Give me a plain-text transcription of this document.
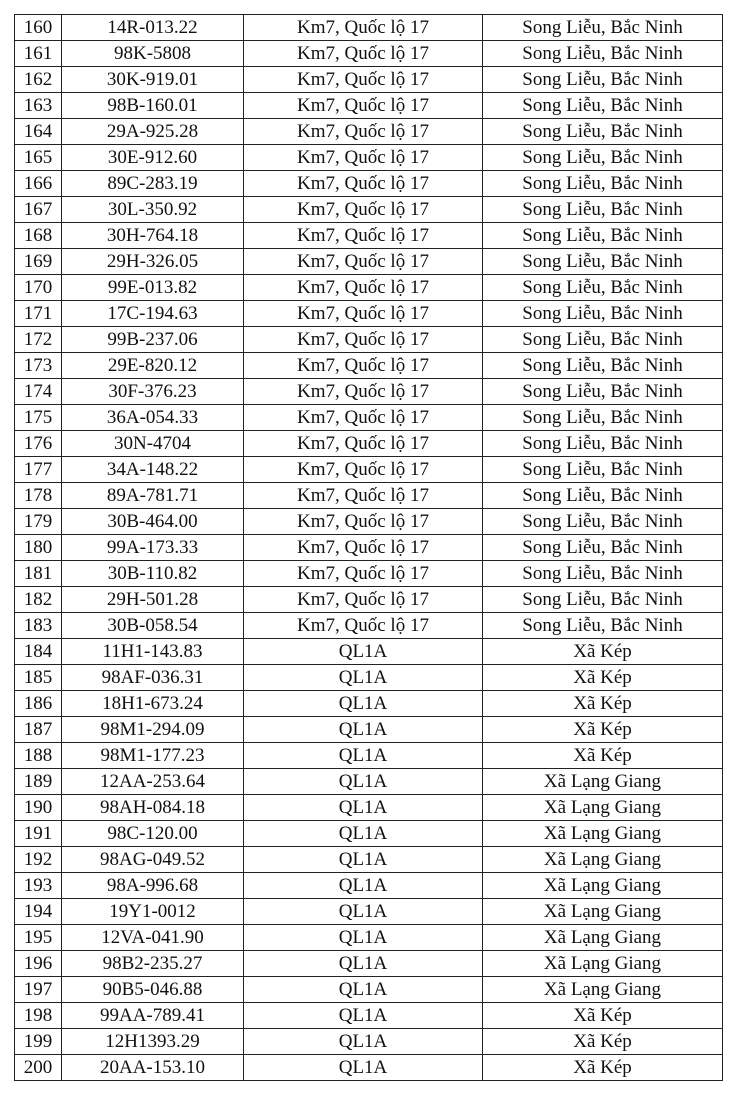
160	14R-013.22	Km7, Quốc lộ 17	Song Liễu, Bắc Ninh
161	98K-5808	Km7, Quốc lộ 17	Song Liễu, Bắc Ninh
162	30K-919.01	Km7, Quốc lộ 17	Song Liễu, Bắc Ninh
163	98B-160.01	Km7, Quốc lộ 17	Song Liễu, Bắc Ninh
164	29A-925.28	Km7, Quốc lộ 17	Song Liễu, Bắc Ninh
165	30E-912.60	Km7, Quốc lộ 17	Song Liễu, Bắc Ninh
166	89C-283.19	Km7, Quốc lộ 17	Song Liễu, Bắc Ninh
167	30L-350.92	Km7, Quốc lộ 17	Song Liễu, Bắc Ninh
168	30H-764.18	Km7, Quốc lộ 17	Song Liễu, Bắc Ninh
169	29H-326.05	Km7, Quốc lộ 17	Song Liễu, Bắc Ninh
170	99E-013.82	Km7, Quốc lộ 17	Song Liễu, Bắc Ninh
171	17C-194.63	Km7, Quốc lộ 17	Song Liễu, Bắc Ninh
172	99B-237.06	Km7, Quốc lộ 17	Song Liễu, Bắc Ninh
173	29E-820.12	Km7, Quốc lộ 17	Song Liễu, Bắc Ninh
174	30F-376.23	Km7, Quốc lộ 17	Song Liễu, Bắc Ninh
175	36A-054.33	Km7, Quốc lộ 17	Song Liễu, Bắc Ninh
176	30N-4704	Km7, Quốc lộ 17	Song Liễu, Bắc Ninh
177	34A-148.22	Km7, Quốc lộ 17	Song Liễu, Bắc Ninh
178	89A-781.71	Km7, Quốc lộ 17	Song Liễu, Bắc Ninh
179	30B-464.00	Km7, Quốc lộ 17	Song Liễu, Bắc Ninh
180	99A-173.33	Km7, Quốc lộ 17	Song Liễu, Bắc Ninh
181	30B-110.82	Km7, Quốc lộ 17	Song Liễu, Bắc Ninh
182	29H-501.28	Km7, Quốc lộ 17	Song Liễu, Bắc Ninh
183	30B-058.54	Km7, Quốc lộ 17	Song Liễu, Bắc Ninh
184	11H1-143.83	QL1A	Xã Kép
185	98AF-036.31	QL1A	Xã Kép
186	18H1-673.24	QL1A	Xã Kép
187	98M1-294.09	QL1A	Xã Kép
188	98M1-177.23	QL1A	Xã Kép
189	12AA-253.64	QL1A	Xã Lạng Giang
190	98AH-084.18	QL1A	Xã Lạng Giang
191	98C-120.00	QL1A	Xã Lạng Giang
192	98AG-049.52	QL1A	Xã Lạng Giang
193	98A-996.68	QL1A	Xã Lạng Giang
194	19Y1-0012	QL1A	Xã Lạng Giang
195	12VA-041.90	QL1A	Xã Lạng Giang
196	98B2-235.27	QL1A	Xã Lạng Giang
197	90B5-046.88	QL1A	Xã Lạng Giang
198	99AA-789.41	QL1A	Xã Kép
199	12H1393.29	QL1A	Xã Kép
200	20AA-153.10	QL1A	Xã Kép
